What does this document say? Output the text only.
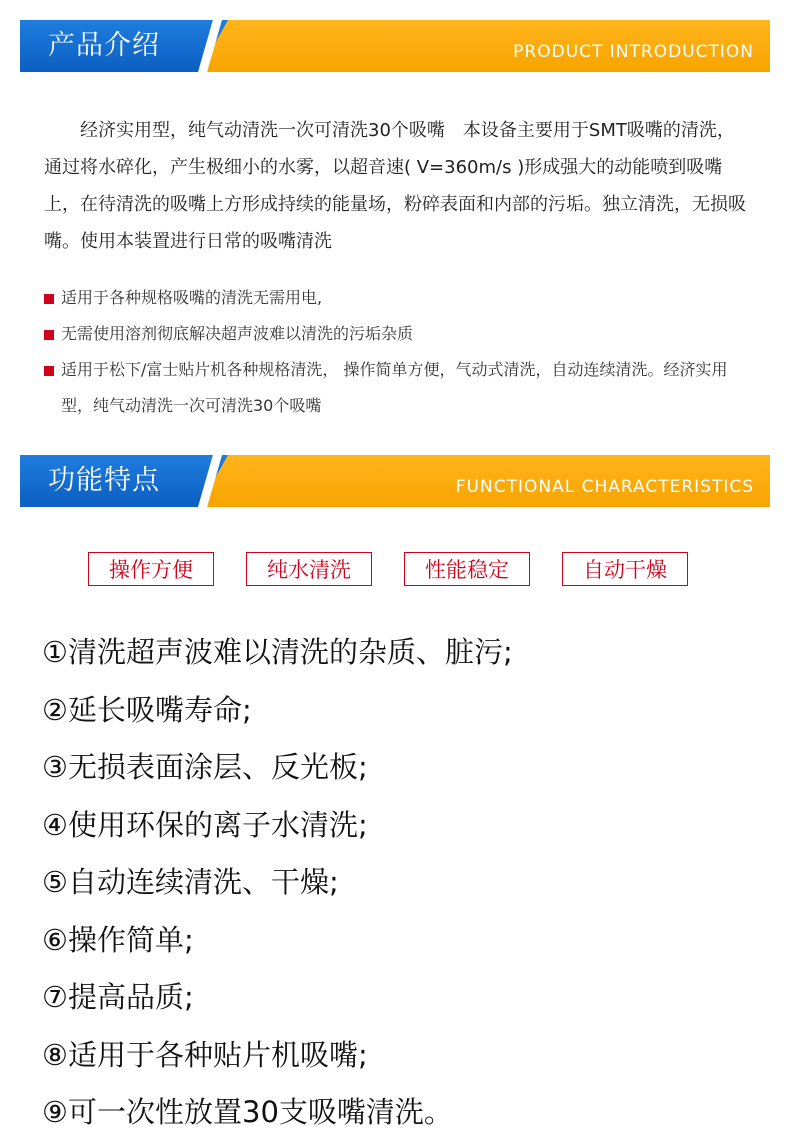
产品介绍	PRODUCT INTRODUCTION

经济实用型，纯气动清洗一次可清洗30个吸嘴　本设备主要用于SMT吸嘴的清洗，通过将水碎化，产生极细小的水雾，以超音速( V=360m/s )形成强大的动能喷到吸嘴上，在待清洗的吸嘴上方形成持续的能量场，粉碎表面和内部的污垢。独立清洗，无损吸嘴。使用本装置进行日常的吸嘴清洗

适用于各种规格吸嘴的清洗无需用电,
无需使用溶剂彻底解决超声波难以清洗的污垢杂质
适用于松下/富士贴片机各种规格清洗， 操作简单方便，气动式清洗，自动连续清洗。经济实用型，纯气动清洗一次可清洗30个吸嘴
功能特点	FUNCTIONAL CHARACTERISTICS
操作方便	纯水清洗	性能稳定	自动干燥
①清洗超声波难以清洗的杂质、脏污;
②延长吸嘴寿命;
③无损表面涂层、反光板;
④使用环保的离子水清洗;
⑤自动连续清洗、干燥;
⑥操作简单;
⑦提高品质;
⑧适用于各种贴片机吸嘴;
⑨可一次性放置30支吸嘴清洗。
